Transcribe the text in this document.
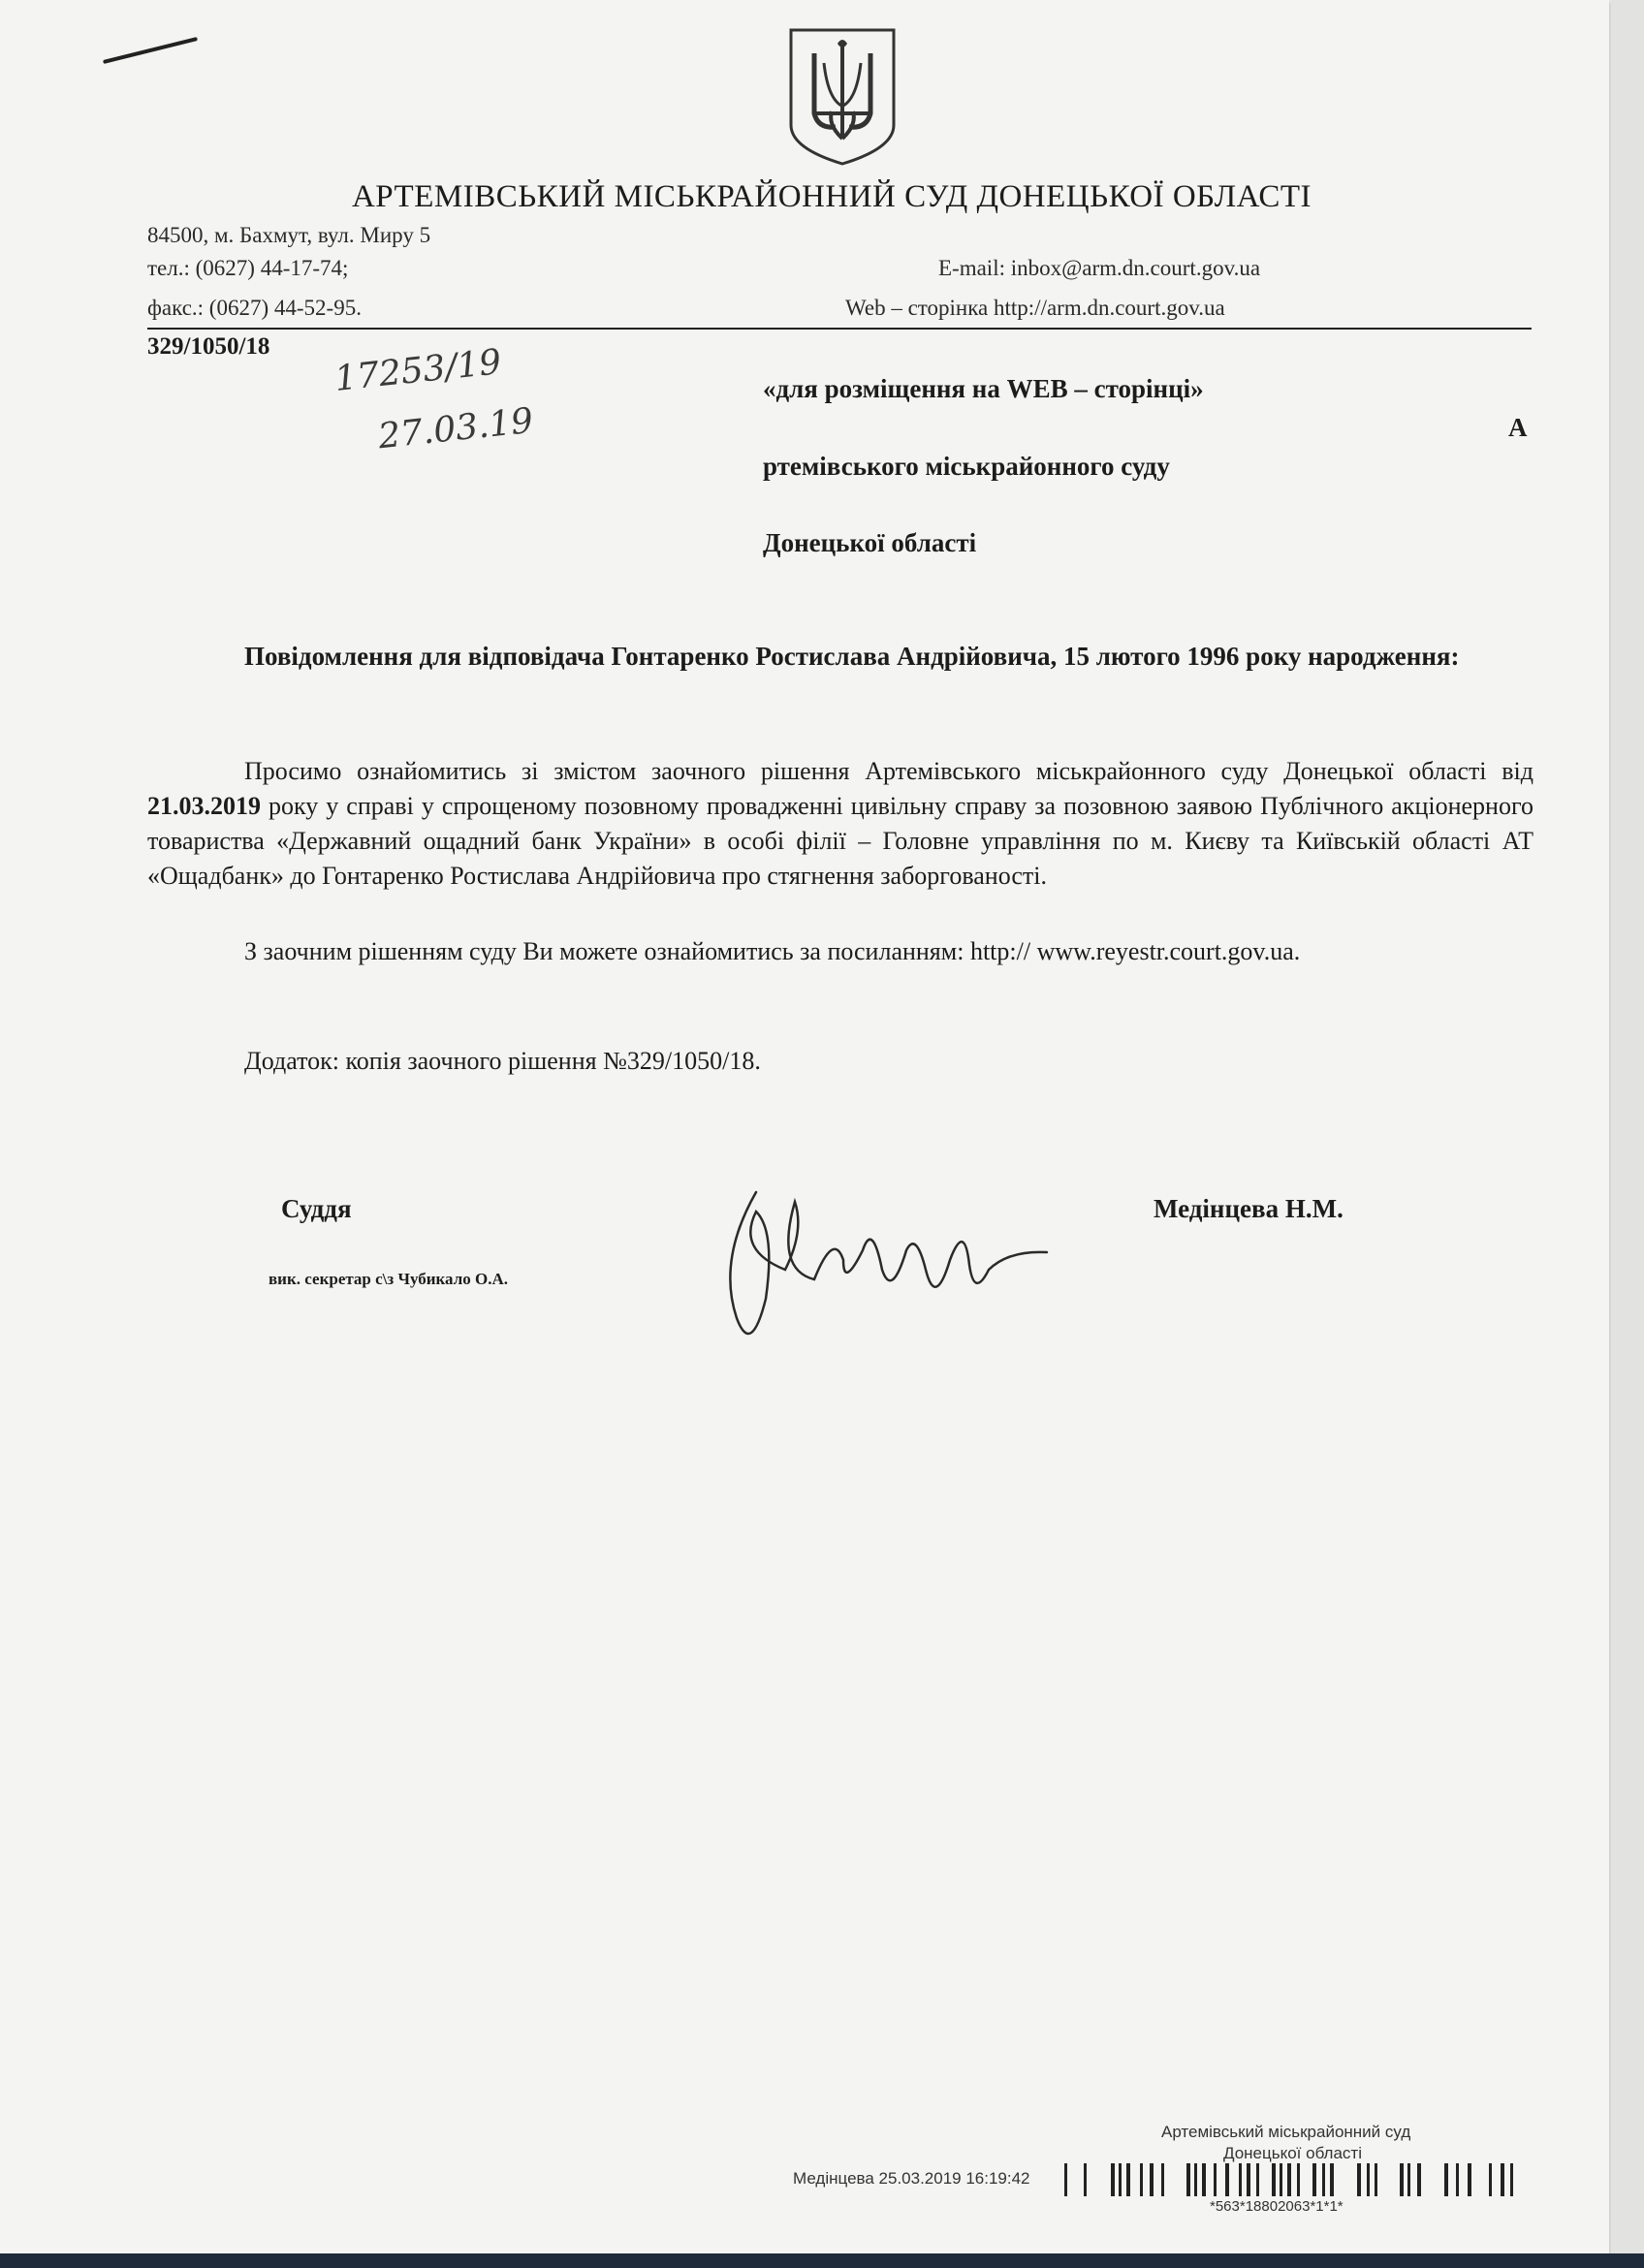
АРТЕМІВСЬКИЙ МІСЬКРАЙОННИЙ СУД ДОНЕЦЬКОЇ ОБЛАСТІ
84500, м. Бахмут, вул. Миру 5
тел.: (0627) 44-17-74;
факс.: (0627) 44-52-95.
E-mail: inbox@arm.dn.court.gov.ua
Web – сторінка http://arm.dn.court.gov.ua
329/1050/18 17253/19
27.03.19
«для розміщення на WEB – сторінці»
А
ртемівського міськрайонного суду
Донецької області
Повідомлення для відповідача Гонтаренко Ростислава Андрійовича, 15 лютого 1996 року народження:
Просимо ознайомитись зі змістом заочного рішення Артемівського міськрайонного суду Донецької області від 21.03.2019 року у справі у спрощеному позовному провадженні цивільну справу за позовною заявою Публічного акціонерного товариства «Державний ощадний банк України» в особі філії – Головне управління по м. Києву та Київській області АТ «Ощадбанк» до Гонтаренко Ростислава Андрійовича про стягнення заборгованості.
З заочним рішенням суду Ви можете ознайомитись за посиланням: http:// www.reyestr.court.gov.ua.
Додаток: копія заочного рішення №329/1050/18.
Суддя	Медінцева Н.М.
вик. секретар с\з Чубикало О.А.
Артемівський міськрайонний суд
Донецької області
Медінцева 25.03.2019 16:19:42
*563*18802063*1*1*
